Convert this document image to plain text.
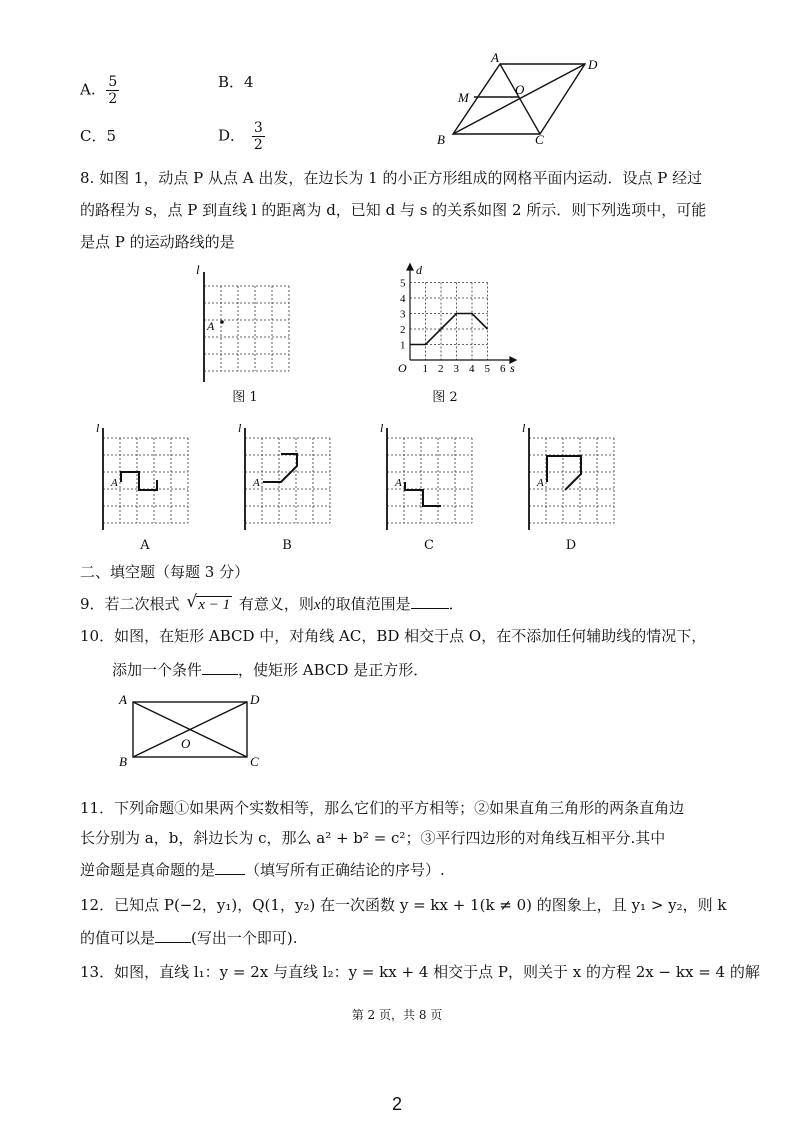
A. $\frac{5}{2}$	B．4
C．5	D． $\frac{3}{2}$
A	D
M
O
B	C
8. 如图 1，动点 P 从点 A 出发，在边长为 1 的小正方形组成的网格平面内运动．设点 P 经过
的路程为 s，点 P 到直线 l 的距离为 d，已知 d 与 s 的关系如图 2 所示．则下列选项中，可能
是点 P 的运动路线的是
l
A
图 1
1
2
3
4
5
1 2 3 4 5 6
d
s
O
图 2
l
A
A
l
A
B
l
A
C
l
A
D
二、填空题（每题 3 分）
9．若二次根式 √ x − 1 有意义，则x的取值范围是	．
10．如图，在矩形 ABCD 中，对角线 AC，BD 相交于点 O，在不添加任何辅助线的情况下，
添加一个条件 ，使矩形 ABCD 是正方形．
A	D
O
B	C
11．下列命题①如果两个实数相等，那么它们的平方相等；②如果直角三角形的两条直角边
长分别为 a，b，斜边长为 c，那么 a² + b² = c²；③平行四边形的对角线互相平分.其中
逆命题是真命题的是 （填写所有正确结论的序号）.
12．已知点 P(−2，y₁)，Q(1，y₂) 在一次函数 y = kx + 1(k ≠ 0) 的图象上，且 y₁ > y₂，则 k
的值可以是 (写出一个即可).
13．如图，直线 l₁：y = 2x 与直线 l₂：y = kx + 4 相交于点 P，则关于 x 的方程 2x − kx = 4 的解
第 2 页，共 8 页
2
